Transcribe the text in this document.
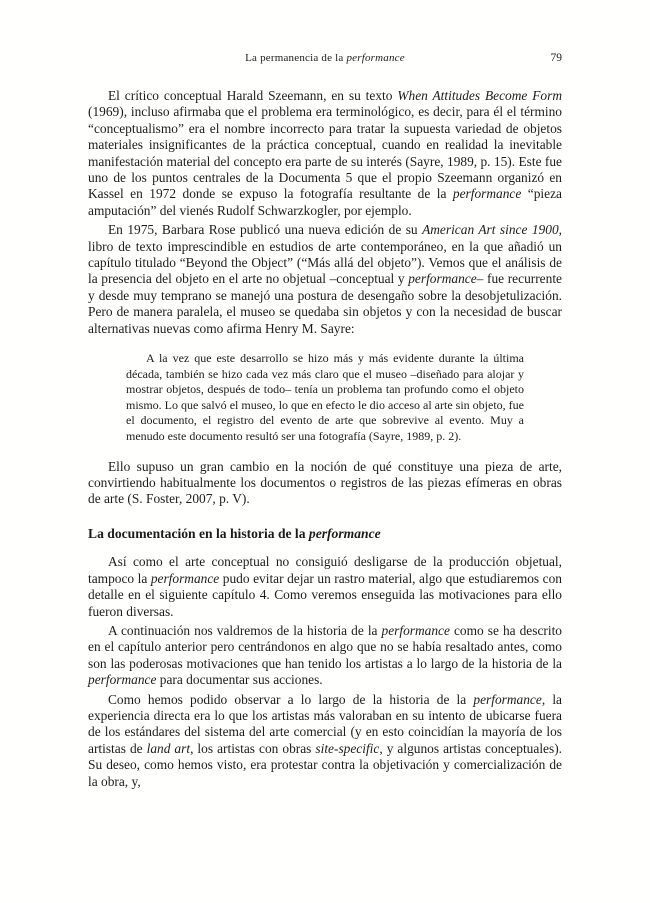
La permanencia de la performance	79

El crítico conceptual Harald Szeemann, en su texto When Attitudes Become Form (1969), incluso afirmaba que el problema era terminológico, es decir, para él el término “conceptualismo” era el nombre incorrecto para tratar la supuesta variedad de objetos materiales insignificantes de la práctica conceptual, cuando en realidad la inevitable manifestación material del concepto era parte de su interés (Sayre, 1989, p. 15). Este fue uno de los puntos centrales de la Documenta 5 que el propio Szeemann organizó en Kassel en 1972 donde se expuso la fotografía resultante de la performance “pieza amputación” del vienés Rudolf Schwarzkogler, por ejemplo.

En 1975, Barbara Rose publicó una nueva edición de su American Art since 1900, libro de texto imprescindible en estudios de arte contemporáneo, en la que añadió un capítulo titulado “Beyond the Object” (“Más allá del objeto”). Vemos que el análisis de la presencia del objeto en el arte no objetual –conceptual y performance– fue recurrente y desde muy temprano se manejó una postura de desengaño sobre la desobjetulización. Pero de manera paralela, el museo se quedaba sin objetos y con la necesidad de buscar alternativas nuevas como afirma Henry M. Sayre:

A la vez que este desarrollo se hizo más y más evidente durante la última década, también se hizo cada vez más claro que el museo –diseñado para alojar y mostrar objetos, después de todo– tenía un problema tan profundo como el objeto mismo. Lo que salvó el museo, lo que en efecto le dio acceso al arte sin objeto, fue el documento, el registro del evento de arte que sobrevive al evento. Muy a menudo este documento resultó ser una fotografía (Sayre, 1989, p. 2).

Ello supuso un gran cambio en la noción de qué constituye una pieza de arte, convirtiendo habitualmente los documentos o registros de las piezas efímeras en obras de arte (S. Foster, 2007, p. V).

La documentación en la historia de la performance

Así como el arte conceptual no consiguió desligarse de la producción objetual, tampoco la performance pudo evitar dejar un rastro material, algo que estudiaremos con detalle en el siguiente capítulo 4. Como veremos enseguida las motivaciones para ello fueron diversas.

A continuación nos valdremos de la historia de la performance como se ha descrito en el capítulo anterior pero centrándonos en algo que no se había resaltado antes, como son las poderosas motivaciones que han tenido los artistas a lo largo de la historia de la performance para documentar sus acciones.

Como hemos podido observar a lo largo de la historia de la performance, la experiencia directa era lo que los artistas más valoraban en su intento de ubicarse fuera de los estándares del sistema del arte comercial (y en esto coincidían la mayoría de los artistas de land art, los artistas con obras site-specific, y algunos artistas conceptuales). Su deseo, como hemos visto, era protestar contra la objetivación y comercialización de la obra, y,
